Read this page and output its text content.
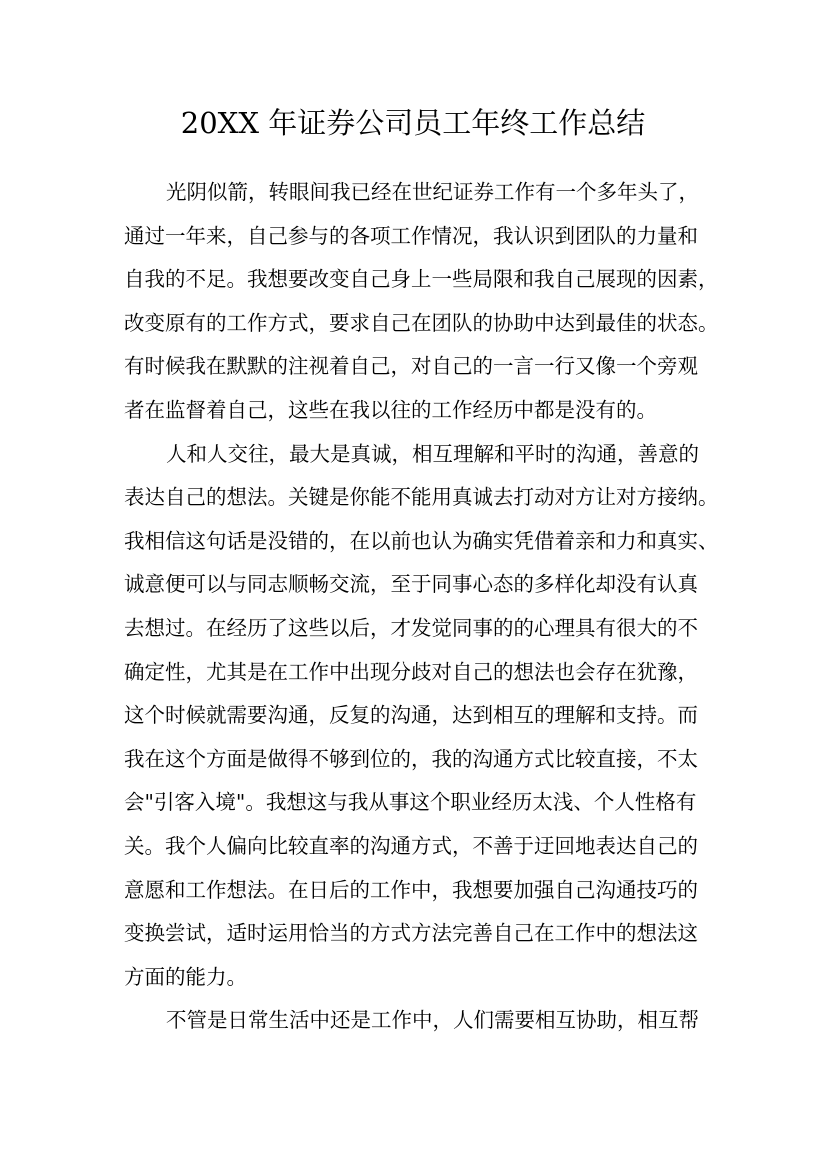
20XX 年证券公司员工年终工作总结
光阴似箭，转眼间我已经在世纪证券工作有一个多年头了，
通过一年来，自己参与的各项工作情况，我认识到团队的力量和
自我的不足。我想要改变自己身上一些局限和我自己展现的因素，
改变原有的工作方式，要求自己在团队的协助中达到最佳的状态。
有时候我在默默的注视着自己，对自己的一言一行又像一个旁观
者在监督着自己，这些在我以往的工作经历中都是没有的。
人和人交往，最大是真诚，相互理解和平时的沟通，善意的
表达自己的想法。关键是你能不能用真诚去打动对方让对方接纳。
我相信这句话是没错的，在以前也认为确实凭借着亲和力和真实、
诚意便可以与同志顺畅交流，至于同事心态的多样化却没有认真
去想过。在经历了这些以后，才发觉同事的的心理具有很大的不
确定性，尤其是在工作中出现分歧对自己的想法也会存在犹豫，
这个时候就需要沟通，反复的沟通，达到相互的理解和支持。而
我在这个方面是做得不够到位的，我的沟通方式比较直接，不太
会"引客入境"。我想这与我从事这个职业经历太浅、个人性格有
关。我个人偏向比较直率的沟通方式，不善于迂回地表达自己的
意愿和工作想法。在日后的工作中，我想要加强自己沟通技巧的
变换尝试，适时运用恰当的方式方法完善自己在工作中的想法这
方面的能力。
不管是日常生活中还是工作中，人们需要相互协助，相互帮
